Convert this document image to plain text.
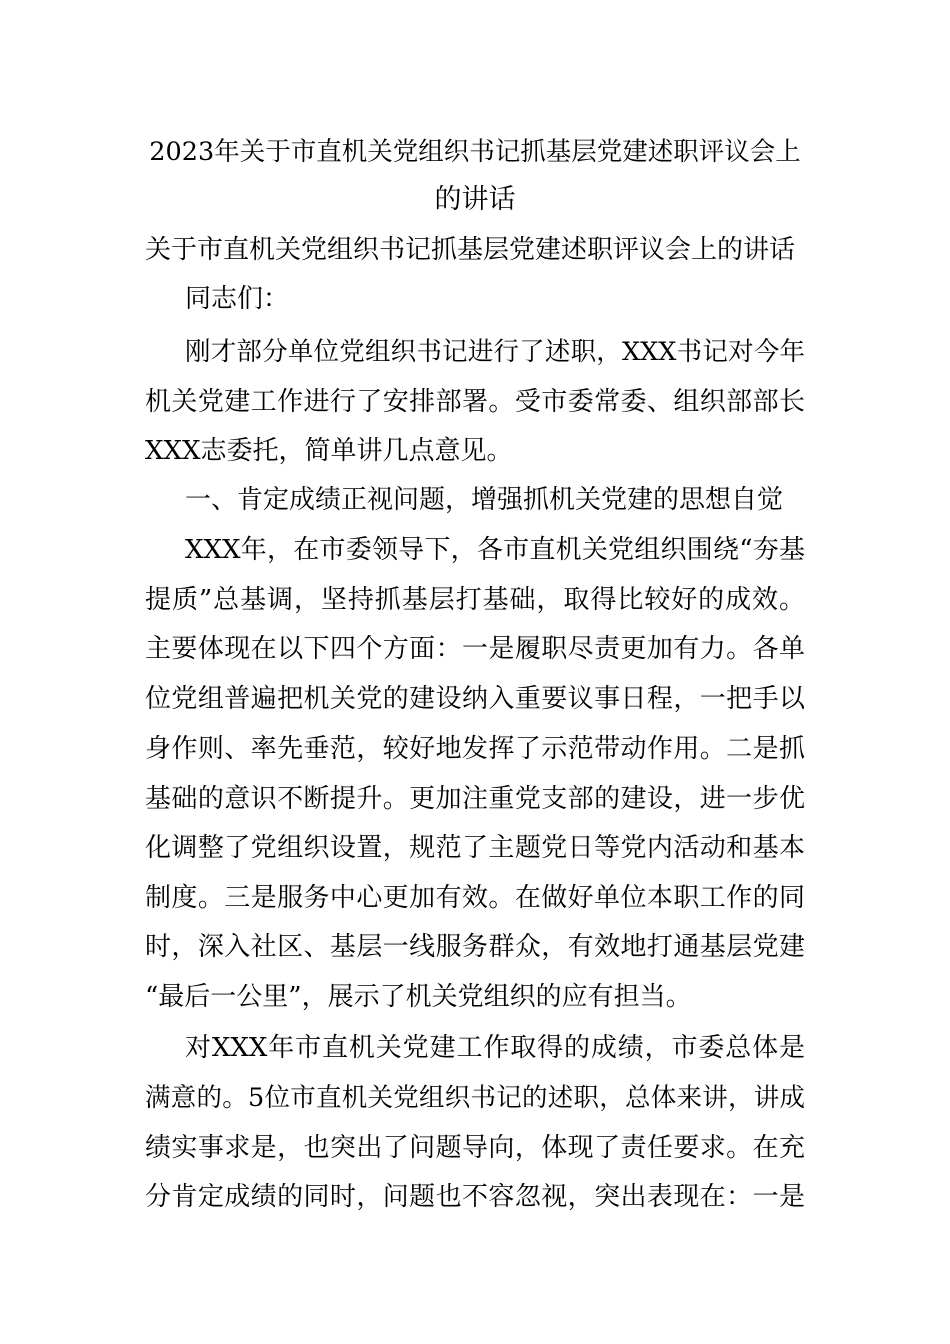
2023年关于市直机关党组织书记抓基层党建述职评议会上
的讲话
关于市直机关党组织书记抓基层党建述职评议会上的讲话
同志们：
刚才部分单位党组织书记进行了述职，XXX书记对今年
机关党建工作进行了安排部署。受市委常委、组织部部长
XXX志委托，简单讲几点意见。
一、肯定成绩正视问题，增强抓机关党建的思想自觉
XXX年，在市委领导下，各市直机关党组织围绕“夯基
提质”总基调，坚持抓基层打基础，取得比较好的成效。
主要体现在以下四个方面：一是履职尽责更加有力。各单
位党组普遍把机关党的建设纳入重要议事日程，一把手以
身作则、率先垂范，较好地发挥了示范带动作用。二是抓
基础的意识不断提升。更加注重党支部的建设，进一步优
化调整了党组织设置，规范了主题党日等党内活动和基本
制度。三是服务中心更加有效。在做好单位本职工作的同
时，深入社区、基层一线服务群众，有效地打通基层党建
“最后一公里”，展示了机关党组织的应有担当。
对XXX年市直机关党建工作取得的成绩，市委总体是
满意的。5位市直机关党组织书记的述职，总体来讲，讲成
绩实事求是，也突出了问题导向，体现了责任要求。在充
分肯定成绩的同时，问题也不容忽视，突出表现在：一是
